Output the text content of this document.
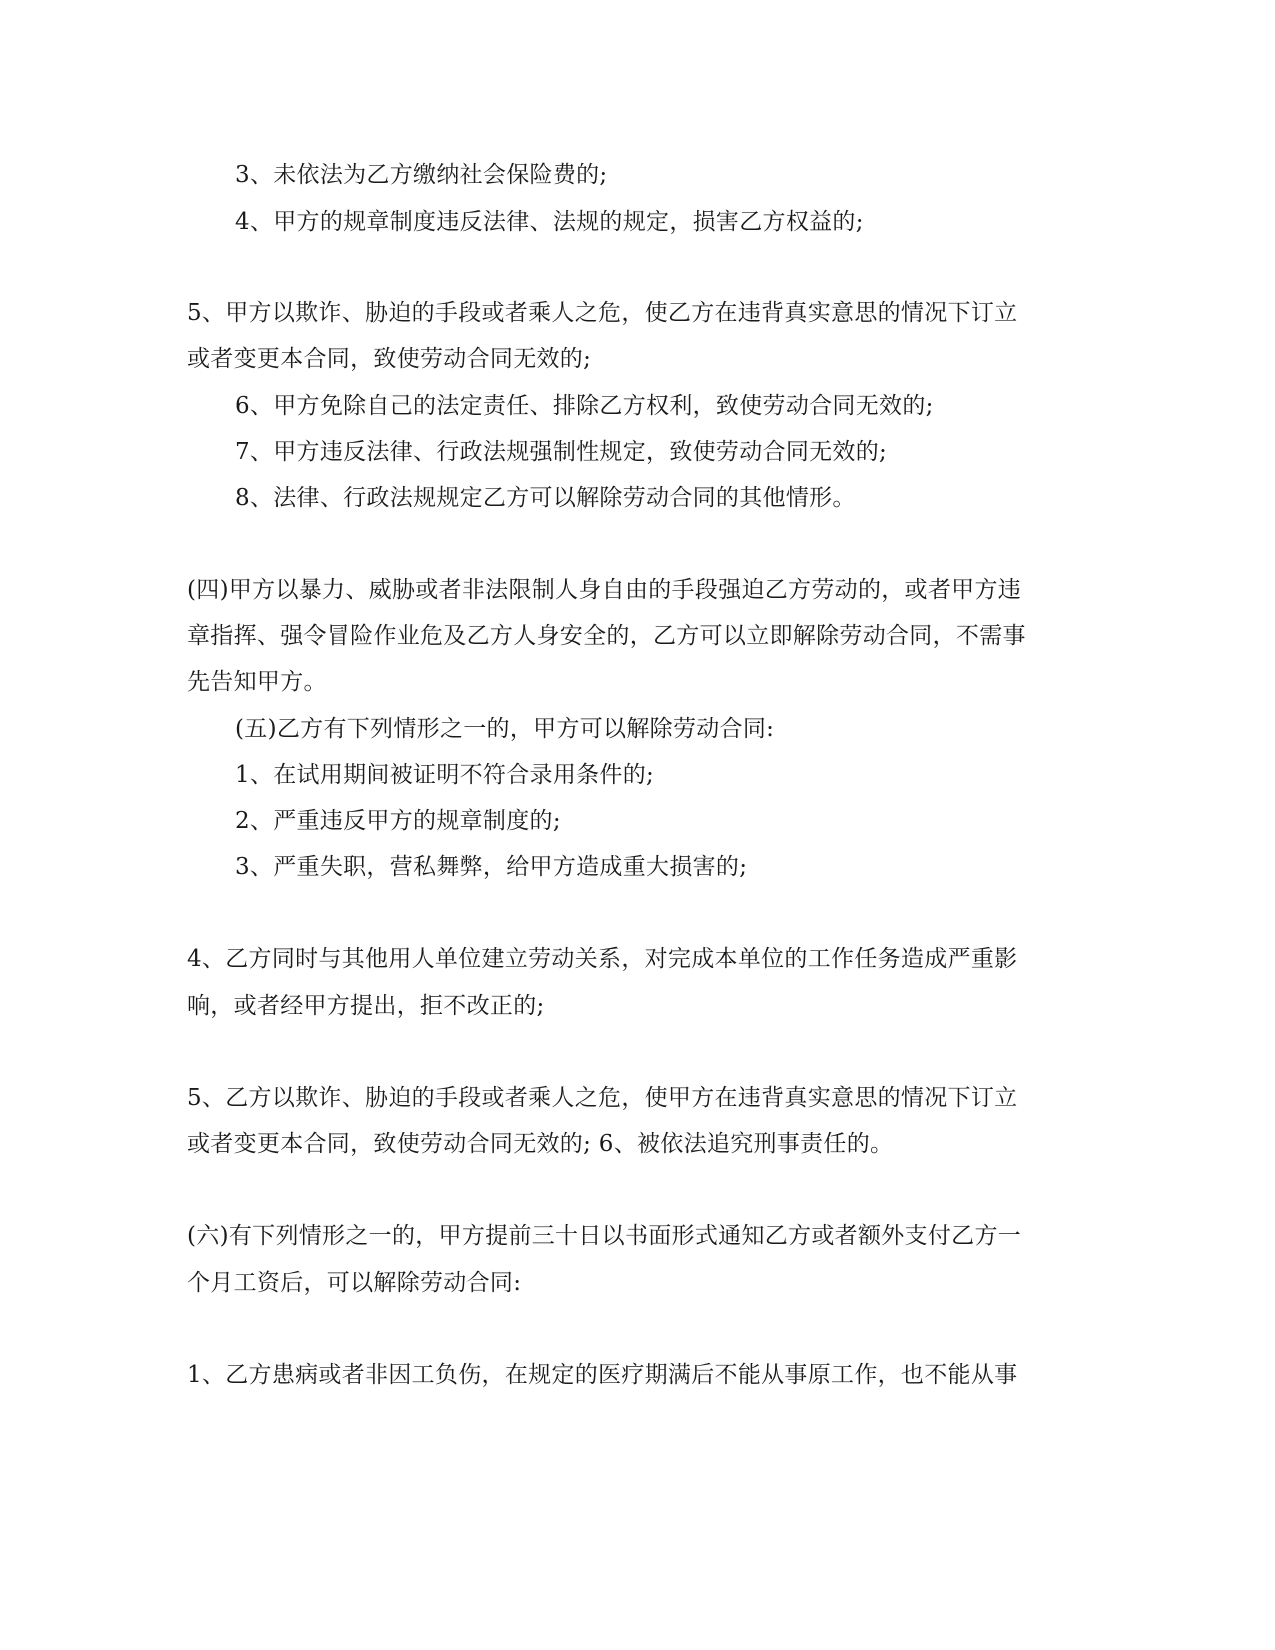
3、未依法为乙方缴纳社会保险费的;
4、甲方的规章制度违反法律、法规的规定，损害乙方权益的;
5、甲方以欺诈、胁迫的手段或者乘人之危，使乙方在违背真实意思的情况下订立
或者变更本合同，致使劳动合同无效的;
6、甲方免除自己的法定责任、排除乙方权利，致使劳动合同无效的;
7、甲方违反法律、行政法规强制性规定，致使劳动合同无效的;
8、法律、行政法规规定乙方可以解除劳动合同的其他情形。
(四)甲方以暴力、威胁或者非法限制人身自由的手段强迫乙方劳动的，或者甲方违
章指挥、强令冒险作业危及乙方人身安全的，乙方可以立即解除劳动合同，不需事
先告知甲方。
(五)乙方有下列情形之一的，甲方可以解除劳动合同:
1、在试用期间被证明不符合录用条件的;
2、严重违反甲方的规章制度的;
3、严重失职，营私舞弊，给甲方造成重大损害的;
4、乙方同时与其他用人单位建立劳动关系，对完成本单位的工作任务造成严重影
响，或者经甲方提出，拒不改正的;
5、乙方以欺诈、胁迫的手段或者乘人之危，使甲方在违背真实意思的情况下订立
或者变更本合同，致使劳动合同无效的; 6、被依法追究刑事责任的。
(六)有下列情形之一的，甲方提前三十日以书面形式通知乙方或者额外支付乙方一
个月工资后，可以解除劳动合同:
1、乙方患病或者非因工负伤，在规定的医疗期满后不能从事原工作，也不能从事
